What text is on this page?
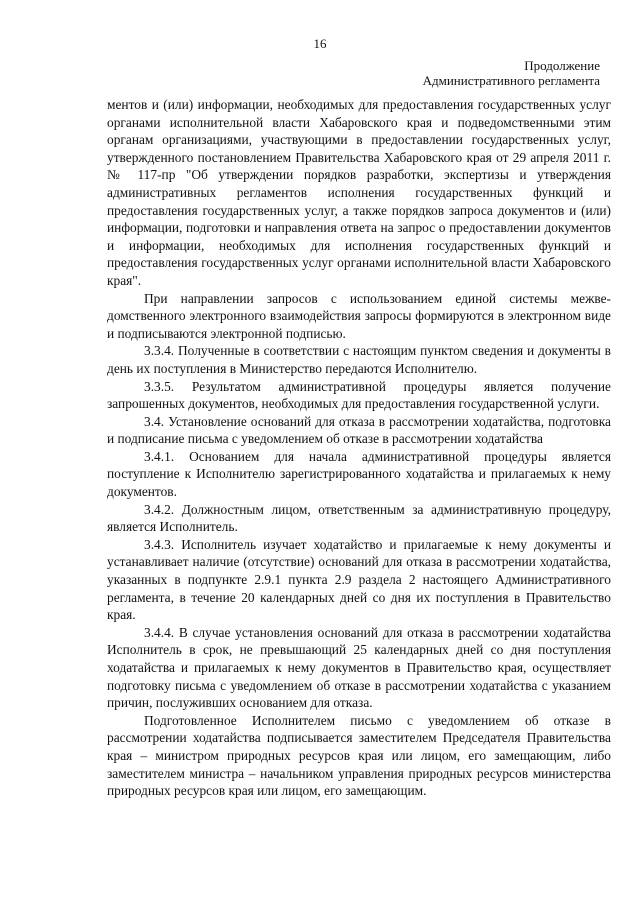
16
Продолжение
Административного регламента

ментов и (или) информации, необходимых для предоставления государственных услуг органами исполнительной власти Хабаровского края и подведомственными этим органам организациями, участвующими в предоставлении государственных услуг, утвержденного постановлением Правительства Хабаровского края от 29 апреля 2011 г. № 117-пр "Об утверждении порядков разработки, экспертизы и утверждения административных регламентов исполнения государственных функций и предоставления государственных услуг, а также порядков запроса документов и (или) информации, подготовки и направления ответа на запрос о предоставлении документов и информации, необходимых для исполнения государственных функций и предоставления государственных услуг органами исполнительной власти Хабаровского края".

При направлении запросов с использованием единой системы межведомственного электронного взаимодействия запросы формируются в электронном виде и подписываются электронной подписью.

3.3.4. Полученные в соответствии с настоящим пунктом сведения и документы в день их поступления в Министерство передаются Исполнителю.

3.3.5. Результатом административной процедуры является получение запрошенных документов, необходимых для предоставления государственной услуги.

3.4. Установление оснований для отказа в рассмотрении ходатайства, подготовка и подписание письма с уведомлением об отказе в рассмотрении ходатайства

3.4.1. Основанием для начала административной процедуры является поступление к Исполнителю зарегистрированного ходатайства и прилагаемых к нему документов.

3.4.2. Должностным лицом, ответственным за административную процедуру, является Исполнитель.

3.4.3. Исполнитель изучает ходатайство и прилагаемые к нему документы и устанавливает наличие (отсутствие) оснований для отказа в рассмотрении ходатайства, указанных в подпункте 2.9.1 пункта 2.9 раздела 2 настоящего Административного регламента, в течение 20 календарных дней со дня их поступления в Правительство края.

3.4.4. В случае установления оснований для отказа в рассмотрении ходатайства Исполнитель в срок, не превышающий 25 календарных дней со дня поступления ходатайства и прилагаемых к нему документов в Правительство края, осуществляет подготовку письма с уведомлением об отказе в рассмотрении ходатайства с указанием причин, послуживших основанием для отказа.

Подготовленное Исполнителем письмо с уведомлением об отказе в рассмотрении ходатайства подписывается заместителем Председателя Правительства края – министром природных ресурсов края или лицом, его замещающим, либо заместителем министра – начальником управления природных ресурсов министерства природных ресурсов края или лицом, его замещающим.
